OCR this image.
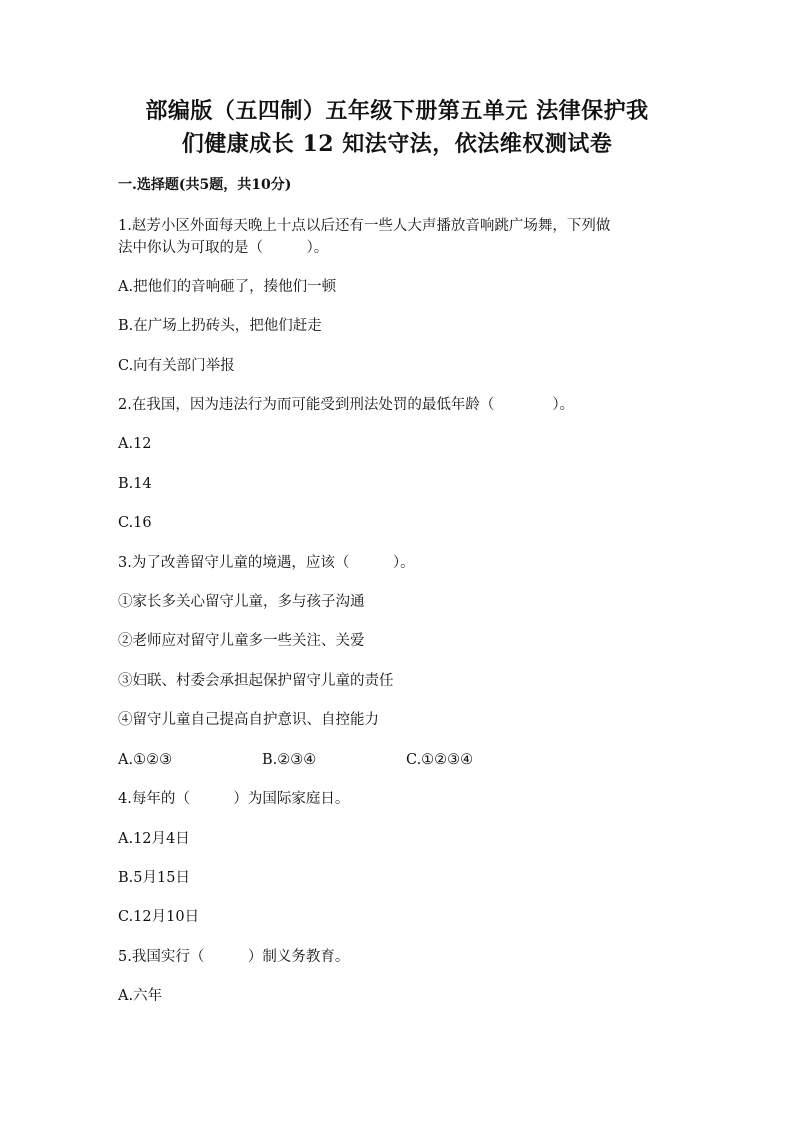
部编版（五四制）五年级下册第五单元 法律保护我
们健康成长 12 知法守法，依法维权测试卷
一.选择题(共5题，共10分)
1.赵芳小区外面每天晚上十点以后还有一些人大声播放音响跳广场舞，下列做
法中你认为可取的是（　　　）。
A.把他们的音响砸了，揍他们一顿
B.在广场上扔砖头，把他们赶走
C.向有关部门举报
2.在我国，因为违法行为而可能受到刑法处罚的最低年龄（　　　　）。
A.12
B.14
C.16
3.为了改善留守儿童的境遇，应该（　　　）。
①家长多关心留守儿童，多与孩子沟通
②老师应对留守儿童多一些关注、关爱
③妇联、村委会承担起保护留守儿童的责任
④留守儿童自己提高自护意识、自控能力
A.①②③	B.②③④	C.①②③④
4.每年的（　　　）为国际家庭日。
A.12月4日
B.5月15日
C.12月10日
5.我国实行（　　　）制义务教育。
A.六年
